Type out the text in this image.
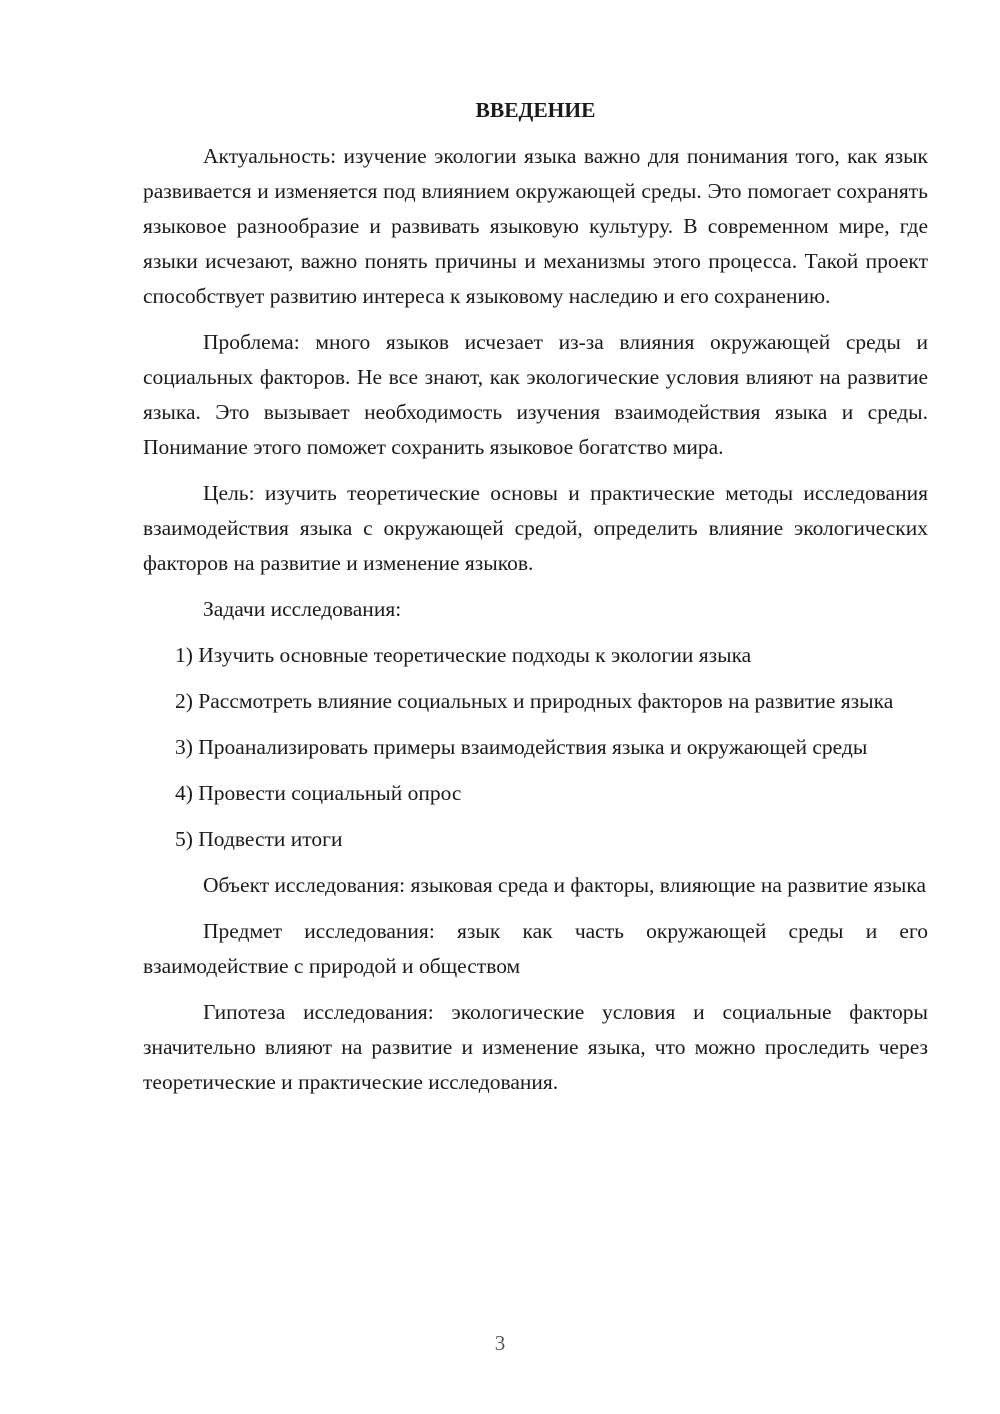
ВВЕДЕНИЕ
Актуальность: изучение экологии языка важно для понимания того, как язык развивается и изменяется под влиянием окружающей среды. Это помогает сохранять языковое разнообразие и развивать языковую культуру. В современном мире, где языки исчезают, важно понять причины и механизмы этого процесса. Такой проект способствует развитию интереса к языковому наследию и его сохранению.
Проблема: много языков исчезает из-за влияния окружающей среды и социальных факторов. Не все знают, как экологические условия влияют на развитие языка. Это вызывает необходимость изучения взаимодействия языка и среды. Понимание этого поможет сохранить языковое богатство мира.
Цель: изучить теоретические основы и практические методы исследования взаимодействия языка с окружающей средой, определить влияние экологических факторов на развитие и изменение языков.
Задачи исследования:
1) Изучить основные теоретические подходы к экологии языка
2) Рассмотреть влияние социальных и природных факторов на развитие языка
3) Проанализировать примеры взаимодействия языка и окружающей среды
4) Провести социальный опрос
5) Подвести итоги
Объект исследования: языковая среда и факторы, влияющие на развитие языка
Предмет исследования: язык как часть окружающей среды и его взаимодействие с природой и обществом
Гипотеза исследования: экологические условия и социальные факторы значительно влияют на развитие и изменение языка, что можно проследить через теоретические и практические исследования.
3
